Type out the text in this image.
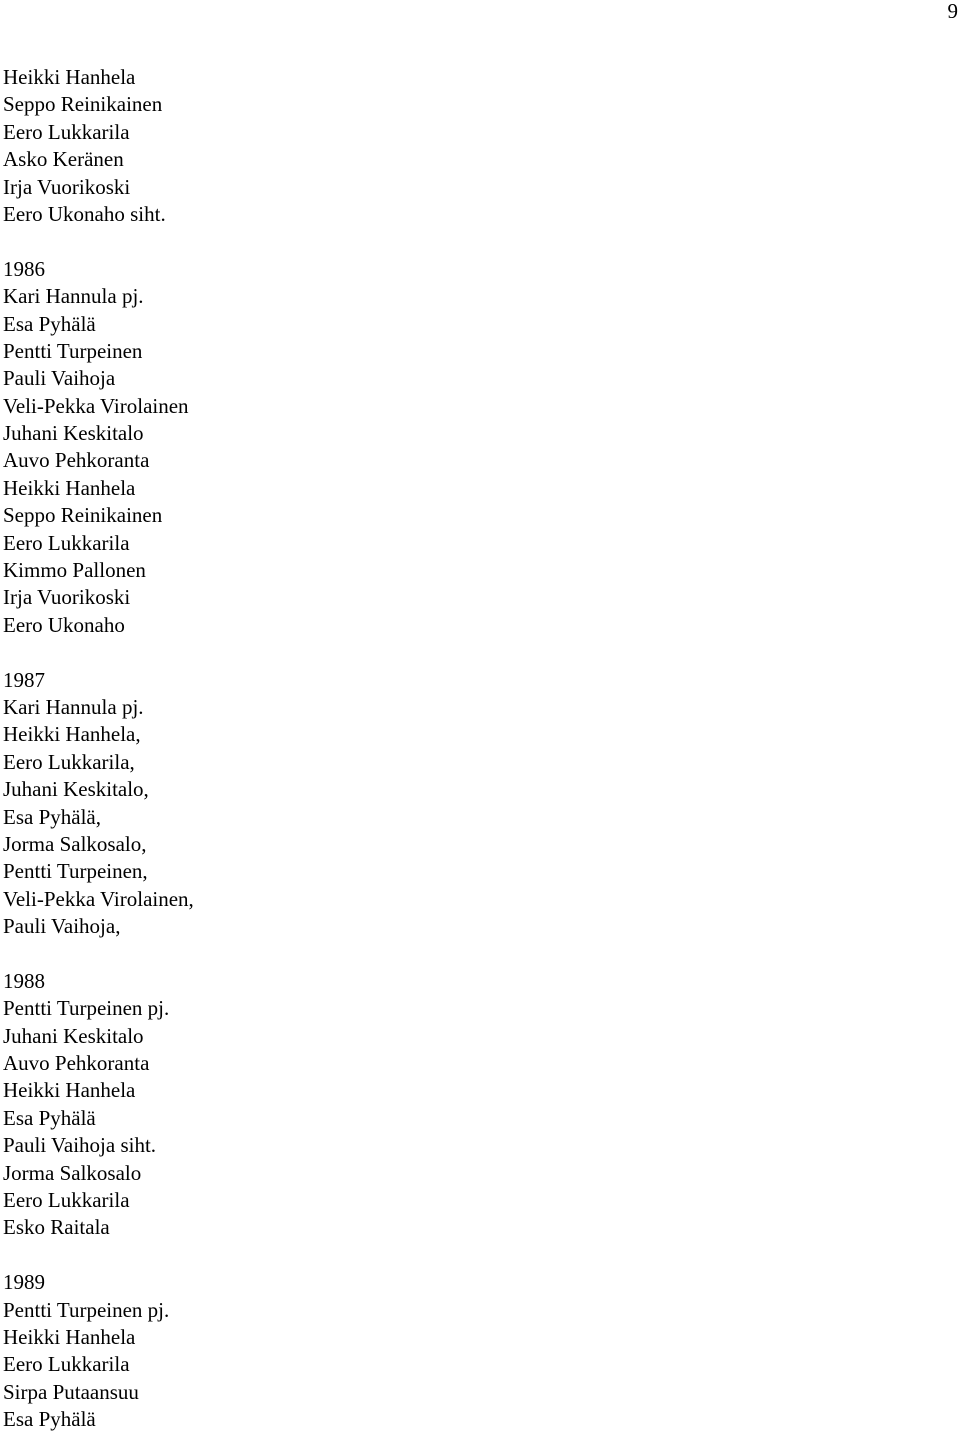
9
Heikki Hanhela
Seppo Reinikainen
Eero Lukkarila
Asko Keränen
Irja Vuorikoski
Eero Ukonaho siht.
1986
Kari Hannula pj.
Esa Pyhälä
Pentti Turpeinen
Pauli Vaihoja
Veli-Pekka Virolainen
Juhani Keskitalo
Auvo Pehkoranta
Heikki Hanhela
Seppo Reinikainen
Eero Lukkarila
Kimmo Pallonen
Irja Vuorikoski
Eero Ukonaho
1987
Kari Hannula pj.
Heikki Hanhela,
Eero Lukkarila,
Juhani Keskitalo,
Esa Pyhälä,
Jorma Salkosalo,
Pentti Turpeinen,
Veli-Pekka Virolainen,
Pauli Vaihoja,
1988
Pentti Turpeinen pj.
Juhani Keskitalo
Auvo Pehkoranta
Heikki Hanhela
Esa Pyhälä
Pauli Vaihoja siht.
Jorma Salkosalo
Eero Lukkarila
Esko Raitala
1989
Pentti Turpeinen pj.
Heikki Hanhela
Eero Lukkarila
Sirpa Putaansuu
Esa Pyhälä
